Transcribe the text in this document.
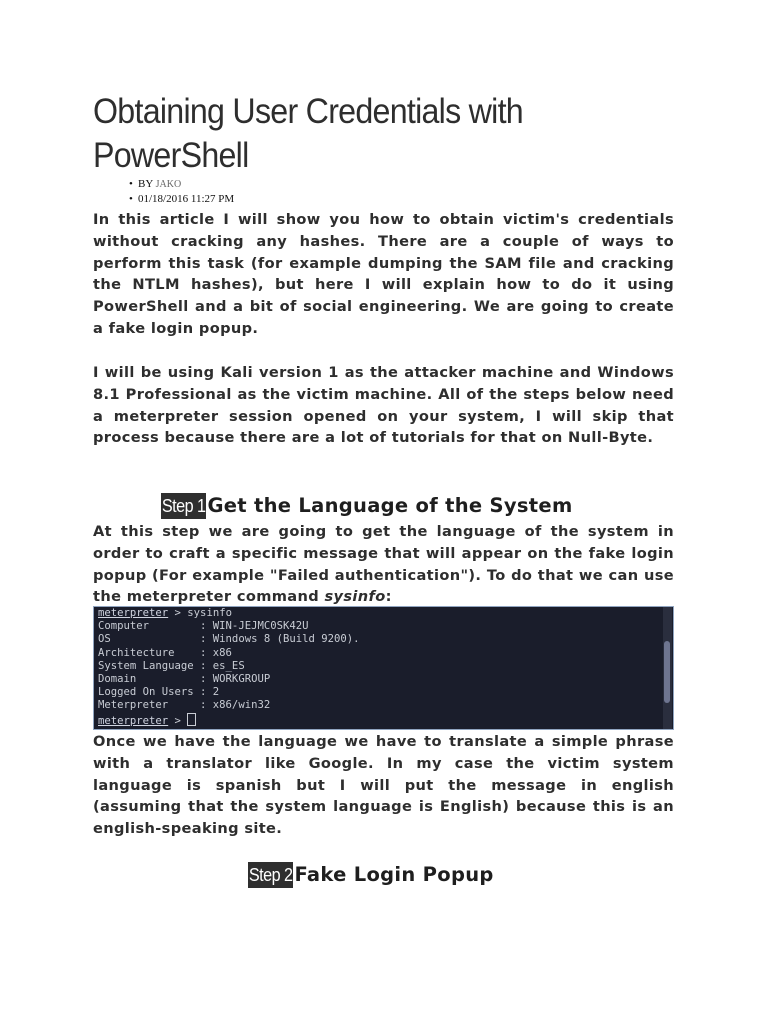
Obtaining User Credentials with PowerShell
• BY JAKO
• 01/18/2016 11:27 PM

In this article I will show you how to obtain victim's credentials without cracking any hashes. There are a couple of ways to perform this task (for example dumping the SAM file and cracking the NTLM hashes), but here I will explain how to do it using PowerShell and a bit of social engineering. We are going to create a fake login popup.

I will be using Kali version 1 as the attacker machine and Windows 8.1 Professional as the victim machine. All of the steps below need a meterpreter session opened on your system, I will skip that process because there are a lot of tutorials for that on Null-Byte.

Step 1Get the Language of the System

At this step we are going to get the language of the system in order to craft a specific message that will appear on the fake login popup (For example "Failed authentication"). To do that we can use the meterpreter command sysinfo:

meterpreter > sysinfo
Computer        : WIN-JEJMC0SK42U
OS              : Windows 8 (Build 9200).
Architecture    : x86
System Language : es_ES
Domain          : WORKGROUP
Logged On Users : 2
Meterpreter     : x86/win32
meterpreter >

Once we have the language we have to translate a simple phrase with a translator like Google. In my case the victim system language is spanish but I will put the message in english (assuming that the system language is English) because this is an english-speaking site.

Step 2Fake Login Popup
